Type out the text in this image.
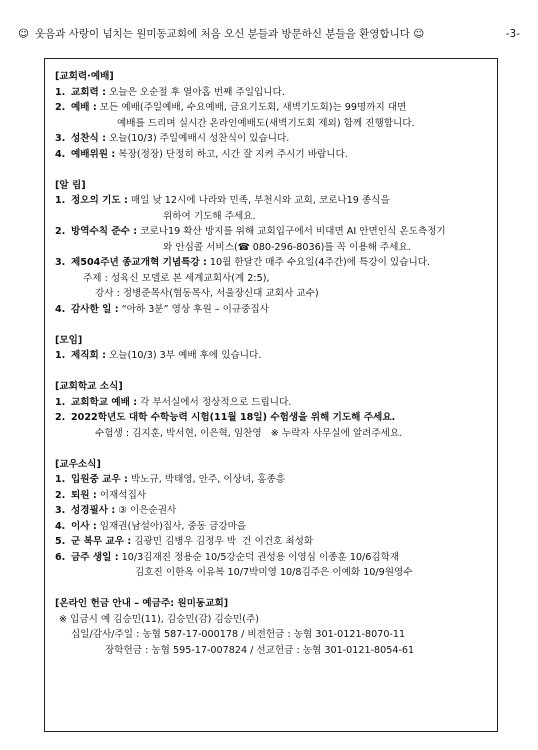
☺ 웃음과 사랑이 넘치는 원미동교회에 처음 오신 분들과 방문하신 분들을 환영합니다 ☺	-3-
[교회력·예배]
1. 교회력 : 오늘은 오순절 후 열아홉 번째 주일입니다.
2. 예배 : 모든 예배(주일예배, 수요예배, 금요기도회, 새벽기도회)는 99명까지 대면
예배를 드리며 실시간 온라인예배도(새벽기도회 제외) 함께 진행합니다.
3. 성찬식 : 오늘(10/3) 주일예배시 성찬식이 있습니다.
4. 예배위원 : 복장(정장) 단정히 하고, 시간 잘 지켜 주시기 바랍니다.
[알 림]
1. 정오의 기도 : 매일 낮 12시에 나라와 민족, 부천시와 교회, 코로나19 종식을
위하여 기도해 주세요.
2. 방역수칙 준수 : 코로나19 확산 방지를 위해 교회입구에서 비대면 AI 안면인식 온도측정기
와 안심콜 서비스(☎ 080-296-8036)를 꼭 이용해 주세요.
3. 제504주년 종교개혁 기념특강 : 10월 한달간 매주 수요일(4주간)에 특강이 있습니다.
주제 : 성육신 모델로 본 세계교회사(계 2:5),
강사 : 정병준목사(협동목사, 서울장신대 교회사 교수)
4. 감사한 일 : “아하 3분” 영상 후원 – 이규중집사
[모임]
1. 제직회 : 오늘(10/3) 3부 예배 후에 있습니다.
[교회학교 소식]
1. 교회학교 예배 : 각 부서실에서 정상적으로 드립니다.
2. 2022학년도 대학 수학능력 시험(11월 18일) 수험생을 위해 기도해 주세요.
수험생 : 김지훈, 박서현, 이은혁, 임찬영   ※ 누락자 사무실에 알려주세요.
[교우소식]
1. 입원중 교우 : 박노규, 박태영, 안주, 이상녀, 홍종흥
2. 퇴원 : 이재석집사
3. 성경필사 : ③ 이은순권사
4. 이사 : 임재권(남설아)집사, 중동 금강마을
5. 군 복무 교우 : 김광민 김병우 김정우 박  건 이건호 최성화
6. 금주 생일 : 10/3김재진 정용순 10/5강순덕 권성용 이영심 이종훈 10/6김학재
김호진 이한옥 이유복 10/7박미영 10/8김주은 이예화 10/9원영수
[온라인 헌금 안내 – 예금주: 원미동교회]
※ 입금시 예 김승민(11), 김승민(감) 김승민(주)
십일/감사/주일 : 농협 587-17-000178 / 비전헌금 : 농협 301-0121-8070-11
장학헌금 : 농협 595-17-007824 / 선교헌금 : 농협 301-0121-8054-61
